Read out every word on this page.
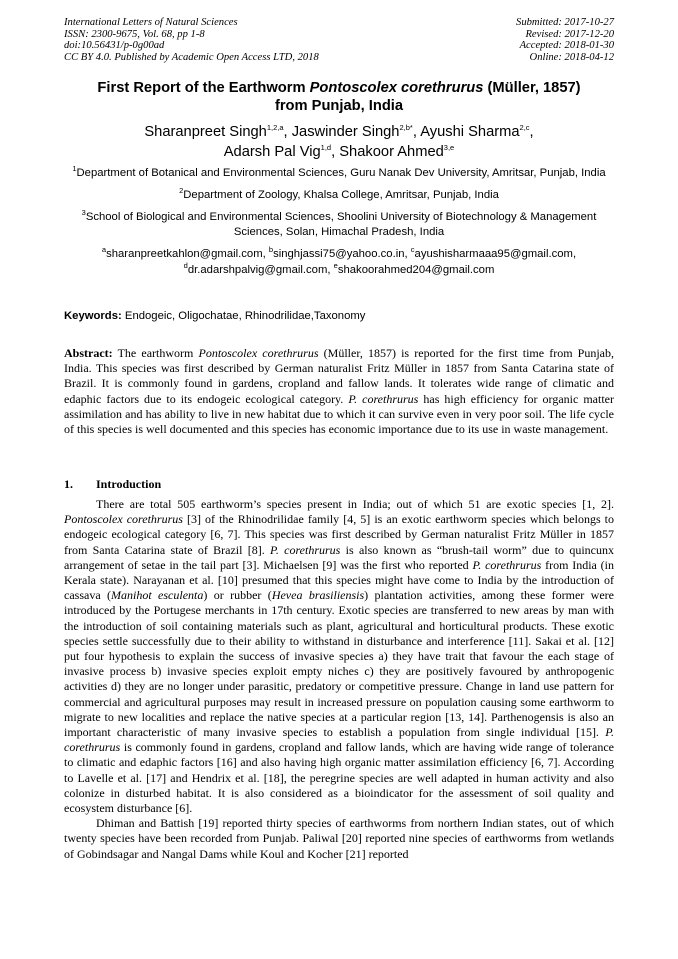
International Letters of Natural Sciences
ISSN: 2300-9675, Vol. 68, pp 1-8
doi:10.56431/p-0g00ad
CC BY 4.0. Published by Academic Open Access LTD, 2018
Submitted: 2017-10-27
Revised: 2017-12-20
Accepted: 2018-01-30
Online: 2018-04-12
First Report of the Earthworm Pontoscolex corethrurus (Müller, 1857)
from Punjab, India
Sharanpreet Singh$^{1,2,a}$, Jaswinder Singh$^{2,b*}$, Ayushi Sharma$^{2,c}$,
Adarsh Pal Vig$^{1,d}$, Shakoor Ahmed$^{3,e}$
$^1$Department of Botanical and Environmental Sciences, Guru Nanak Dev University, Amritsar, Punjab, India
$^2$Department of Zoology, Khalsa College, Amritsar, Punjab, India
$^3$School of Biological and Environmental Sciences, Shoolini University of Biotechnology & Management Sciences, Solan, Himachal Pradesh, India
$^a$sharanpreetkahlon@gmail.com, $^b$singhjassi75@yahoo.co.in, $^c$ayushisharmaaa95@gmail.com,
$^d$dr.adarshpalvig@gmail.com, $^e$shakoorahmed204@gmail.com
Keywords: Endogeic, Oligochatae, Rhinodrilidae,Taxonomy
Abstract: The earthworm Pontoscolex corethrurus (Müller, 1857) is reported for the first time from Punjab, India. This species was first described by German naturalist Fritz Müller in 1857 from Santa Catarina state of Brazil. It is commonly found in gardens, cropland and fallow lands. It tolerates wide range of climatic and edaphic factors due to its endogeic ecological category. P. corethrurus has high efficiency for organic matter assimilation and has ability to live in new habitat due to which it can survive even in very poor soil. The life cycle of this species is well documented and this species has economic importance due to its use in waste management.
1. Introduction

There are total 505 earthworm’s species present in India; out of which 51 are exotic species [1, 2]. Pontoscolex corethrurus [3] of the Rhinodrilidae family [4, 5] is an exotic earthworm species which belongs to endogeic ecological category [6, 7]. This species was first described by German naturalist Fritz Müller in 1857 from Santa Catarina state of Brazil [8]. P. corethrurus is also known as “brush-tail worm” due to quincunx arrangement of setae in the tail part [3]. Michaelsen [9] was the first who reported P. corethrurus from India (in Kerala state). Narayanan et al. [10] presumed that this species might have come to India by the introduction of cassava (Manihot esculenta) or rubber (Hevea brasiliensis) plantation activities, among these former were introduced by the Portugese merchants in 17th century. Exotic species are transferred to new areas by man with the introduction of soil containing materials such as plant, agricultural and horticultural products. These exotic species settle successfully due to their ability to withstand in disturbance and interference [11]. Sakai et al. [12] put four hypothesis to explain the success of invasive species a) they have trait that favour the each stage of invasive process b) invasive species exploit empty niches c) they are positively favoured by anthropogenic activities d) they are no longer under parasitic, predatory or competitive pressure. Change in land use pattern for commercial and agricultural purposes may result in increased pressure on population causing some earthworm to migrate to new localities and replace the native species at a particular region [13, 14]. Parthenogensis is also an important characteristic of many invasive species to establish a population from single individual [15]. P. corethrurus is commonly found in gardens, cropland and fallow lands, which are having wide range of tolerance to climatic and edaphic factors [16] and also having high organic matter assimilation efficiency [6, 7]. According to Lavelle et al. [17] and Hendrix et al. [18], the peregrine species are well adapted in human activity and also colonize in disturbed habitat. It is also considered as a bioindicator for the assessment of soil quality and ecosystem disturbance [6].

Dhiman and Battish [19] reported thirty species of earthworms from northern Indian states, out of which twenty species have been recorded from Punjab. Paliwal [20] reported nine species of earthworms from wetlands of Gobindsagar and Nangal Dams while Koul and Kocher [21] reported
